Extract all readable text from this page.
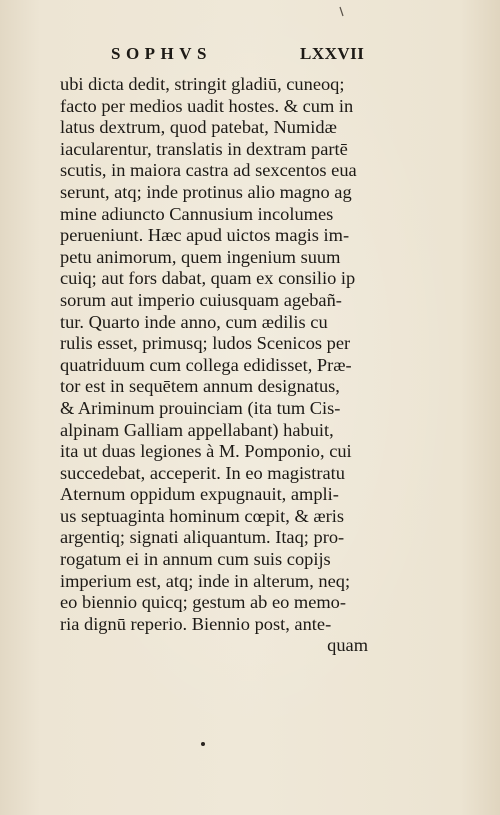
SOPHVS	LXXVII
ubi dicta dedit, stringit gladiū, cuneoq;
facto per medios uadit hostes. & cum in
latus dextrum, quod patebat, Numidæ
iacularentur, translatis in dextram partē
scutis, in maiora castra ad sexcentos eua
serunt, atq; inde protinus alio magno ag
mine adiuncto Cannusium incolumes
perueniunt. Hæc apud uictos magis im-
petu animorum, quem ingenium suum
cuiq; aut fors dabat, quam ex consilio ip
sorum aut imperio cuiusquam agebañ-
tur. Quarto inde anno, cum ædilis cu
rulis esset, primusq; ludos Scenicos per
quatriduum cum collega edidisset, Præ-
tor est in sequētem annum designatus,
& Ariminum prouinciam (ita tum Cis-
alpinam Galliam appellabant) habuit,
ita ut duas legiones à M. Pomponio, cui
succedebat, acceperit. In eo magistratu
Aternum oppidum expugnauit, ampli-
us septuaginta hominum cœpit, & æris
argentiq; signati aliquantum. Itaq; pro-
rogatum ei in annum cum suis copijs
imperium est, atq; inde in alterum, neq;
eo biennio quicq; gestum ab eo memo-
ria dignū reperio. Biennio post, ante-
quam
